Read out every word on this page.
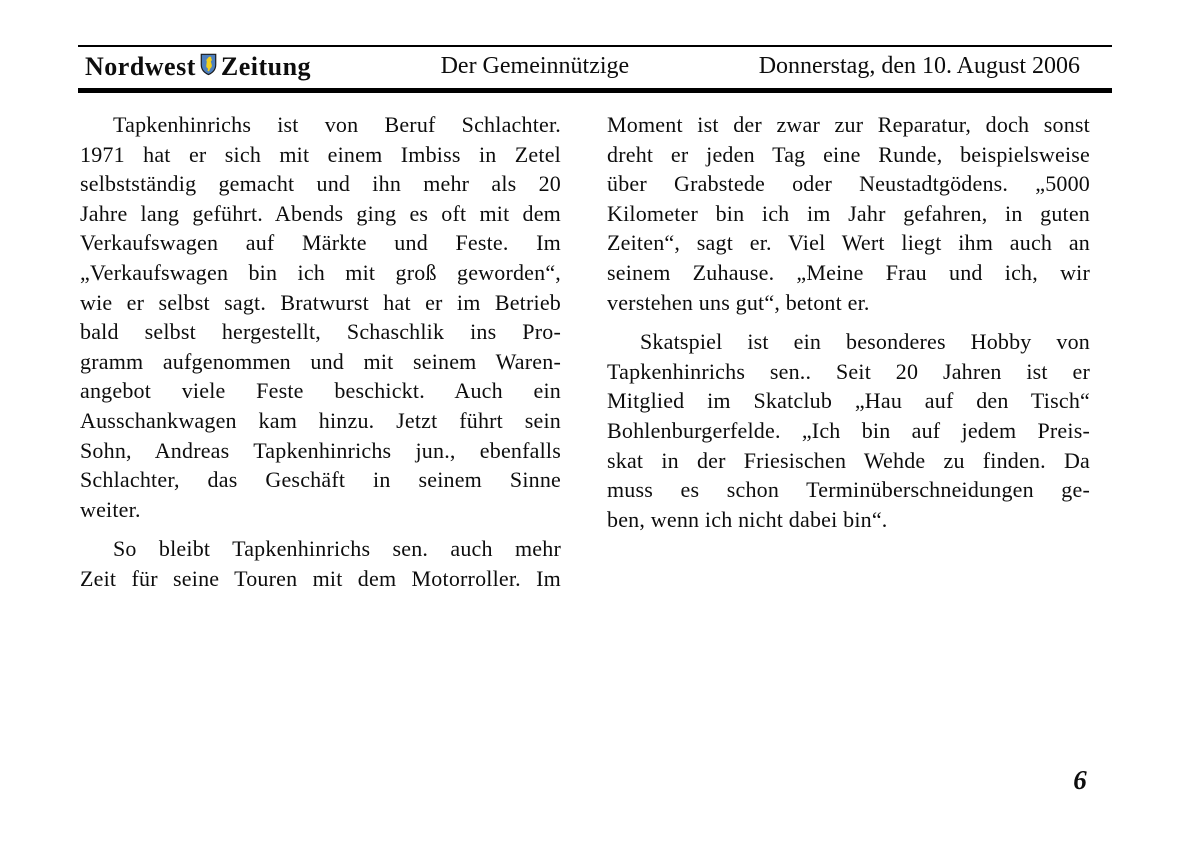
Nordwest Zeitung	Der Gemeinnützige	Donnerstag, den 10. August 2006
Tapkenhinrichs ist von Beruf Schlachter.
1971 hat er sich mit einem Imbiss in Zetel
selbstständig gemacht und ihn mehr als 20
Jahre lang geführt. Abends ging es oft mit dem
Verkaufswagen auf Märkte und Feste. Im
„Verkaufswagen bin ich mit groß geworden“,
wie er selbst sagt. Bratwurst hat er im Betrieb
bald selbst hergestellt, Schaschlik ins Pro-
gramm aufgenommen und mit seinem Waren-
angebot viele Feste beschickt. Auch ein
Ausschankwagen kam hinzu. Jetzt führt sein
Sohn, Andreas Tapkenhinrichs jun., ebenfalls
Schlachter, das Geschäft in seinem Sinne
weiter.
So bleibt Tapkenhinrichs sen. auch mehr
Zeit für seine Touren mit dem Motorroller. Im
Moment ist der zwar zur Reparatur, doch sonst
dreht er jeden Tag eine Runde, beispielsweise
über Grabstede oder Neustadtgödens. „5000
Kilometer bin ich im Jahr gefahren, in guten
Zeiten“, sagt er. Viel Wert liegt ihm auch an
seinem Zuhause. „Meine Frau und ich, wir
verstehen uns gut“, betont er.
Skatspiel ist ein besonderes Hobby von
Tapkenhinrichs sen.. Seit 20 Jahren ist er
Mitglied im Skatclub „Hau auf den Tisch“
Bohlenburgerfelde. „Ich bin auf jedem Preis-
skat in der Friesischen Wehde zu finden. Da
muss es schon Terminüberschneidungen ge-
ben, wenn ich nicht dabei bin“.
6
